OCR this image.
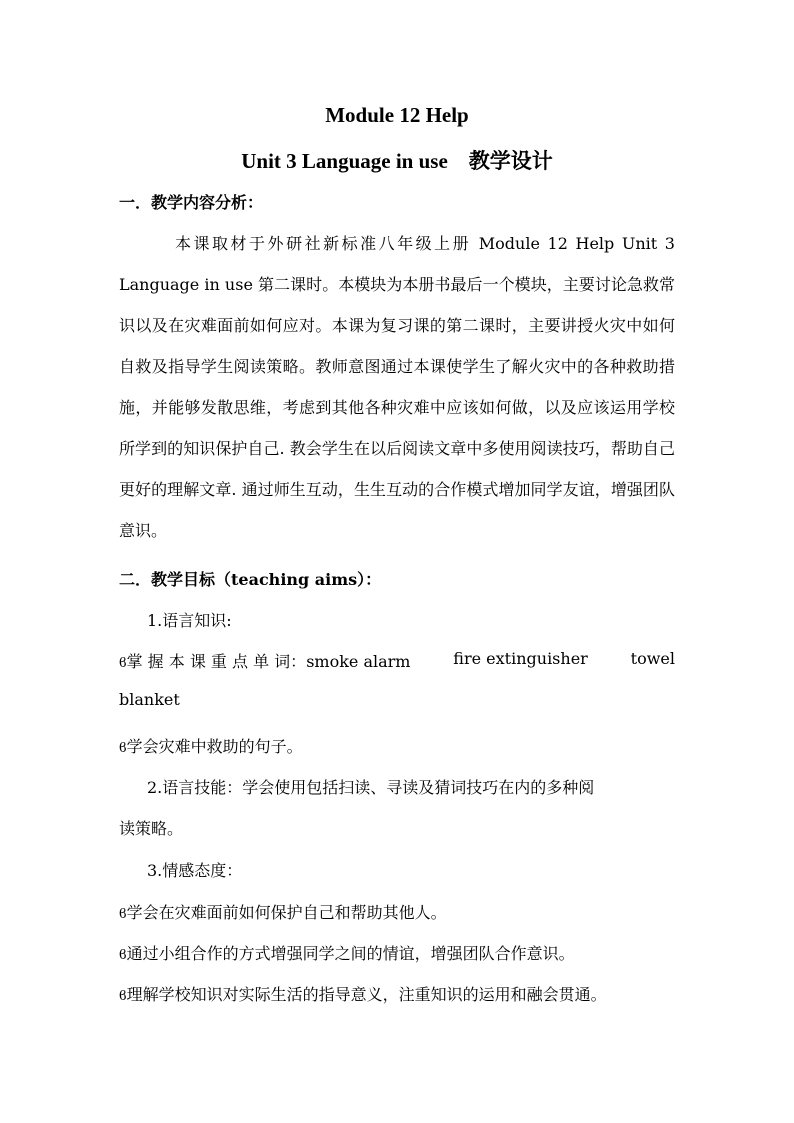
Module 12 Help
Unit 3 Language in use    教学设计
一．教学内容分析：

本课取材于外研社新标准八年级上册 Module 12 Help Unit 3 Language in use 第二课时。本模块为本册书最后一个模块，主要讨论急救常识以及在灾难面前如何应对。本课为复习课的第二课时，主要讲授火灾中如何自救及指导学生阅读策略。教师意图通过本课使学生了解火灾中的各种救助措施，并能够发散思维，考虑到其他各种灾难中应该如何做，以及应该运用学校所学到的知识保护自己. 教会学生在以后阅读文章中多使用阅读技巧，帮助自己更好的理解文章. 通过师生互动，生生互动的合作模式增加同学友谊，增强团队意识。

二．教学目标（teaching aims）：
1.语言知识:
ϐ掌 握 本 课 重 点 单 词：smoke alarm	fire extinguisher	towel
blanket
ϐ学会灾难中救助的句子。
2.语言技能：学会使用包括扫读、寻读及猜词技巧在内的多种阅
读策略。
3.情感态度：
ϐ学会在灾难面前如何保护自己和帮助其他人。
ϐ通过小组合作的方式增强同学之间的情谊，增强团队合作意识。
ϐ理解学校知识对实际生活的指导意义，注重知识的运用和融会贯通。
